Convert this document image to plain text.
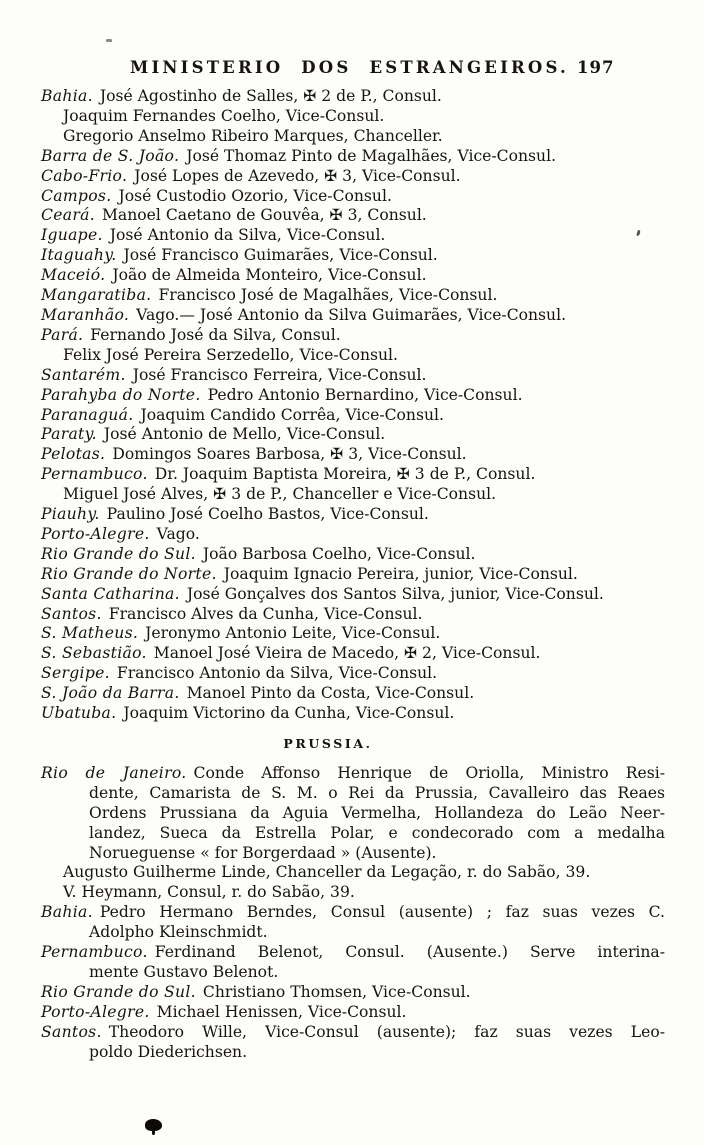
MINISTERIO DOS ESTRANGEIROS. 197
Bahia. José Agostinho de Salles, ✠ 2 de P., Consul.
Joaquim Fernandes Coelho, Vice-Consul.
Gregorio Anselmo Ribeiro Marques, Chanceller.
Barra de S. João. José Thomaz Pinto de Magalhães, Vice-Consul.
Cabo-Frio. José Lopes de Azevedo, ✠ 3, Vice-Consul.
Campos. José Custodio Ozorio, Vice-Consul.
Ceará. Manoel Caetano de Gouvêa, ✠ 3, Consul.
Iguape. José Antonio da Silva, Vice-Consul.
Itaguahy. José Francisco Guimarães, Vice-Consul.
Maceió. João de Almeida Monteiro, Vice-Consul.
Mangaratiba. Francisco José de Magalhães, Vice-Consul.
Maranhão. Vago.— José Antonio da Silva Guimarães, Vice-Consul.
Pará. Fernando José da Silva, Consul.
Felix José Pereira Serzedello, Vice-Consul.
Santarém. José Francisco Ferreira, Vice-Consul.
Parahyba do Norte. Pedro Antonio Bernardino, Vice-Consul.
Paranaguá. Joaquim Candido Corrêa, Vice-Consul.
Paraty. José Antonio de Mello, Vice-Consul.
Pelotas. Domingos Soares Barbosa, ✠ 3, Vice-Consul.
Pernambuco. Dr. Joaquim Baptista Moreira, ✠ 3 de P., Consul.
Miguel José Alves, ✠ 3 de P., Chanceller e Vice-Consul.
Piauhy. Paulino José Coelho Bastos, Vice-Consul.
Porto-Alegre. Vago.
Rio Grande do Sul. João Barbosa Coelho, Vice-Consul.
Rio Grande do Norte. Joaquim Ignacio Pereira, junior, Vice-Consul.
Santa Catharina. José Gonçalves dos Santos Silva, junior, Vice-Consul.
Santos. Francisco Alves da Cunha, Vice-Consul.
S. Matheus. Jeronymo Antonio Leite, Vice-Consul.
S. Sebastião. Manoel José Vieira de Macedo, ✠ 2, Vice-Consul.
Sergipe. Francisco Antonio da Silva, Vice-Consul.
S. João da Barra. Manoel Pinto da Costa, Vice-Consul.
Ubatuba. Joaquim Victorino da Cunha, Vice-Consul.
PRUSSIA.
Rio de Janeiro. Conde Affonso Henrique de Oriolla, Ministro Resi-
dente, Camarista de S. M. o Rei da Prussia, Cavalleiro das Reaes
Ordens Prussiana da Aguia Vermelha, Hollandeza do Leão Neer-
landez, Sueca da Estrella Polar, e condecorado com a medalha
Norueguense « for Borgerdaad » (Ausente).
Augusto Guilherme Linde, Chanceller da Legação, r. do Sabão, 39.
V. Heymann, Consul, r. do Sabão, 39.
Bahia. Pedro Hermano Berndes, Consul (ausente) ; faz suas vezes C.
Adolpho Kleinschmidt.
Pernambuco. Ferdinand Belenot, Consul. (Ausente.) Serve interina-
mente Gustavo Belenot.
Rio Grande do Sul. Christiano Thomsen, Vice-Consul.
Porto-Alegre. Michael Henissen, Vice-Consul.
Santos. Theodoro Wille, Vice-Consul (ausente); faz suas vezes Leo-
poldo Diederichsen.
